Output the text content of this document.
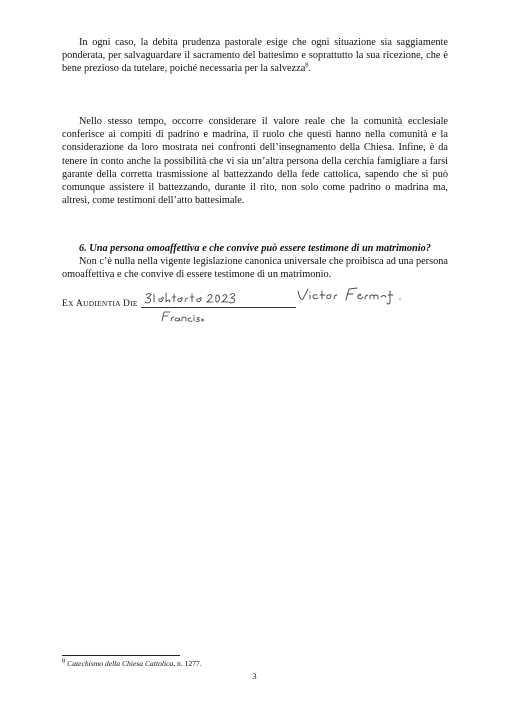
In ogni caso, la debita prudenza pastorale esige che ogni situazione sia saggiamente ponderata, per salvaguardare il sacramento del battesimo e soprattutto la sua ricezione, che è bene prezioso da tutelare, poiché necessaria per la salvezza$^8$.

Nello stesso tempo, occorre considerare il valore reale che la comunità ecclesiale conferisce ai compiti di padrino e madrina, il ruolo che questi hanno nella comunità e la considerazione da loro mostrata nei confronti dell’insegnamento della Chiesa. Infine, è da tenere in conto anche la possibilità che vi sia un’altra persona della cerchia famigliare a farsi garante della corretta trasmissione al battezzando della fede cattolica, sapendo che si può comunque assistere il battezzando, durante il rito, non solo come padrino o madrina ma, altresì, come testimoni dell’atto battesimale.

6. Una persona omoaffettiva e che convive può essere testimone di un matrimonio?

Non c’è nulla nella vigente legislazione canonica universale che proibisca ad una persona omoaffettiva e che convive di essere testimone di un matrimonio.

EX AUDIENTIA DIE
$^8$ Catechismo della Chiesa Cattolica, n. 1277.
3
